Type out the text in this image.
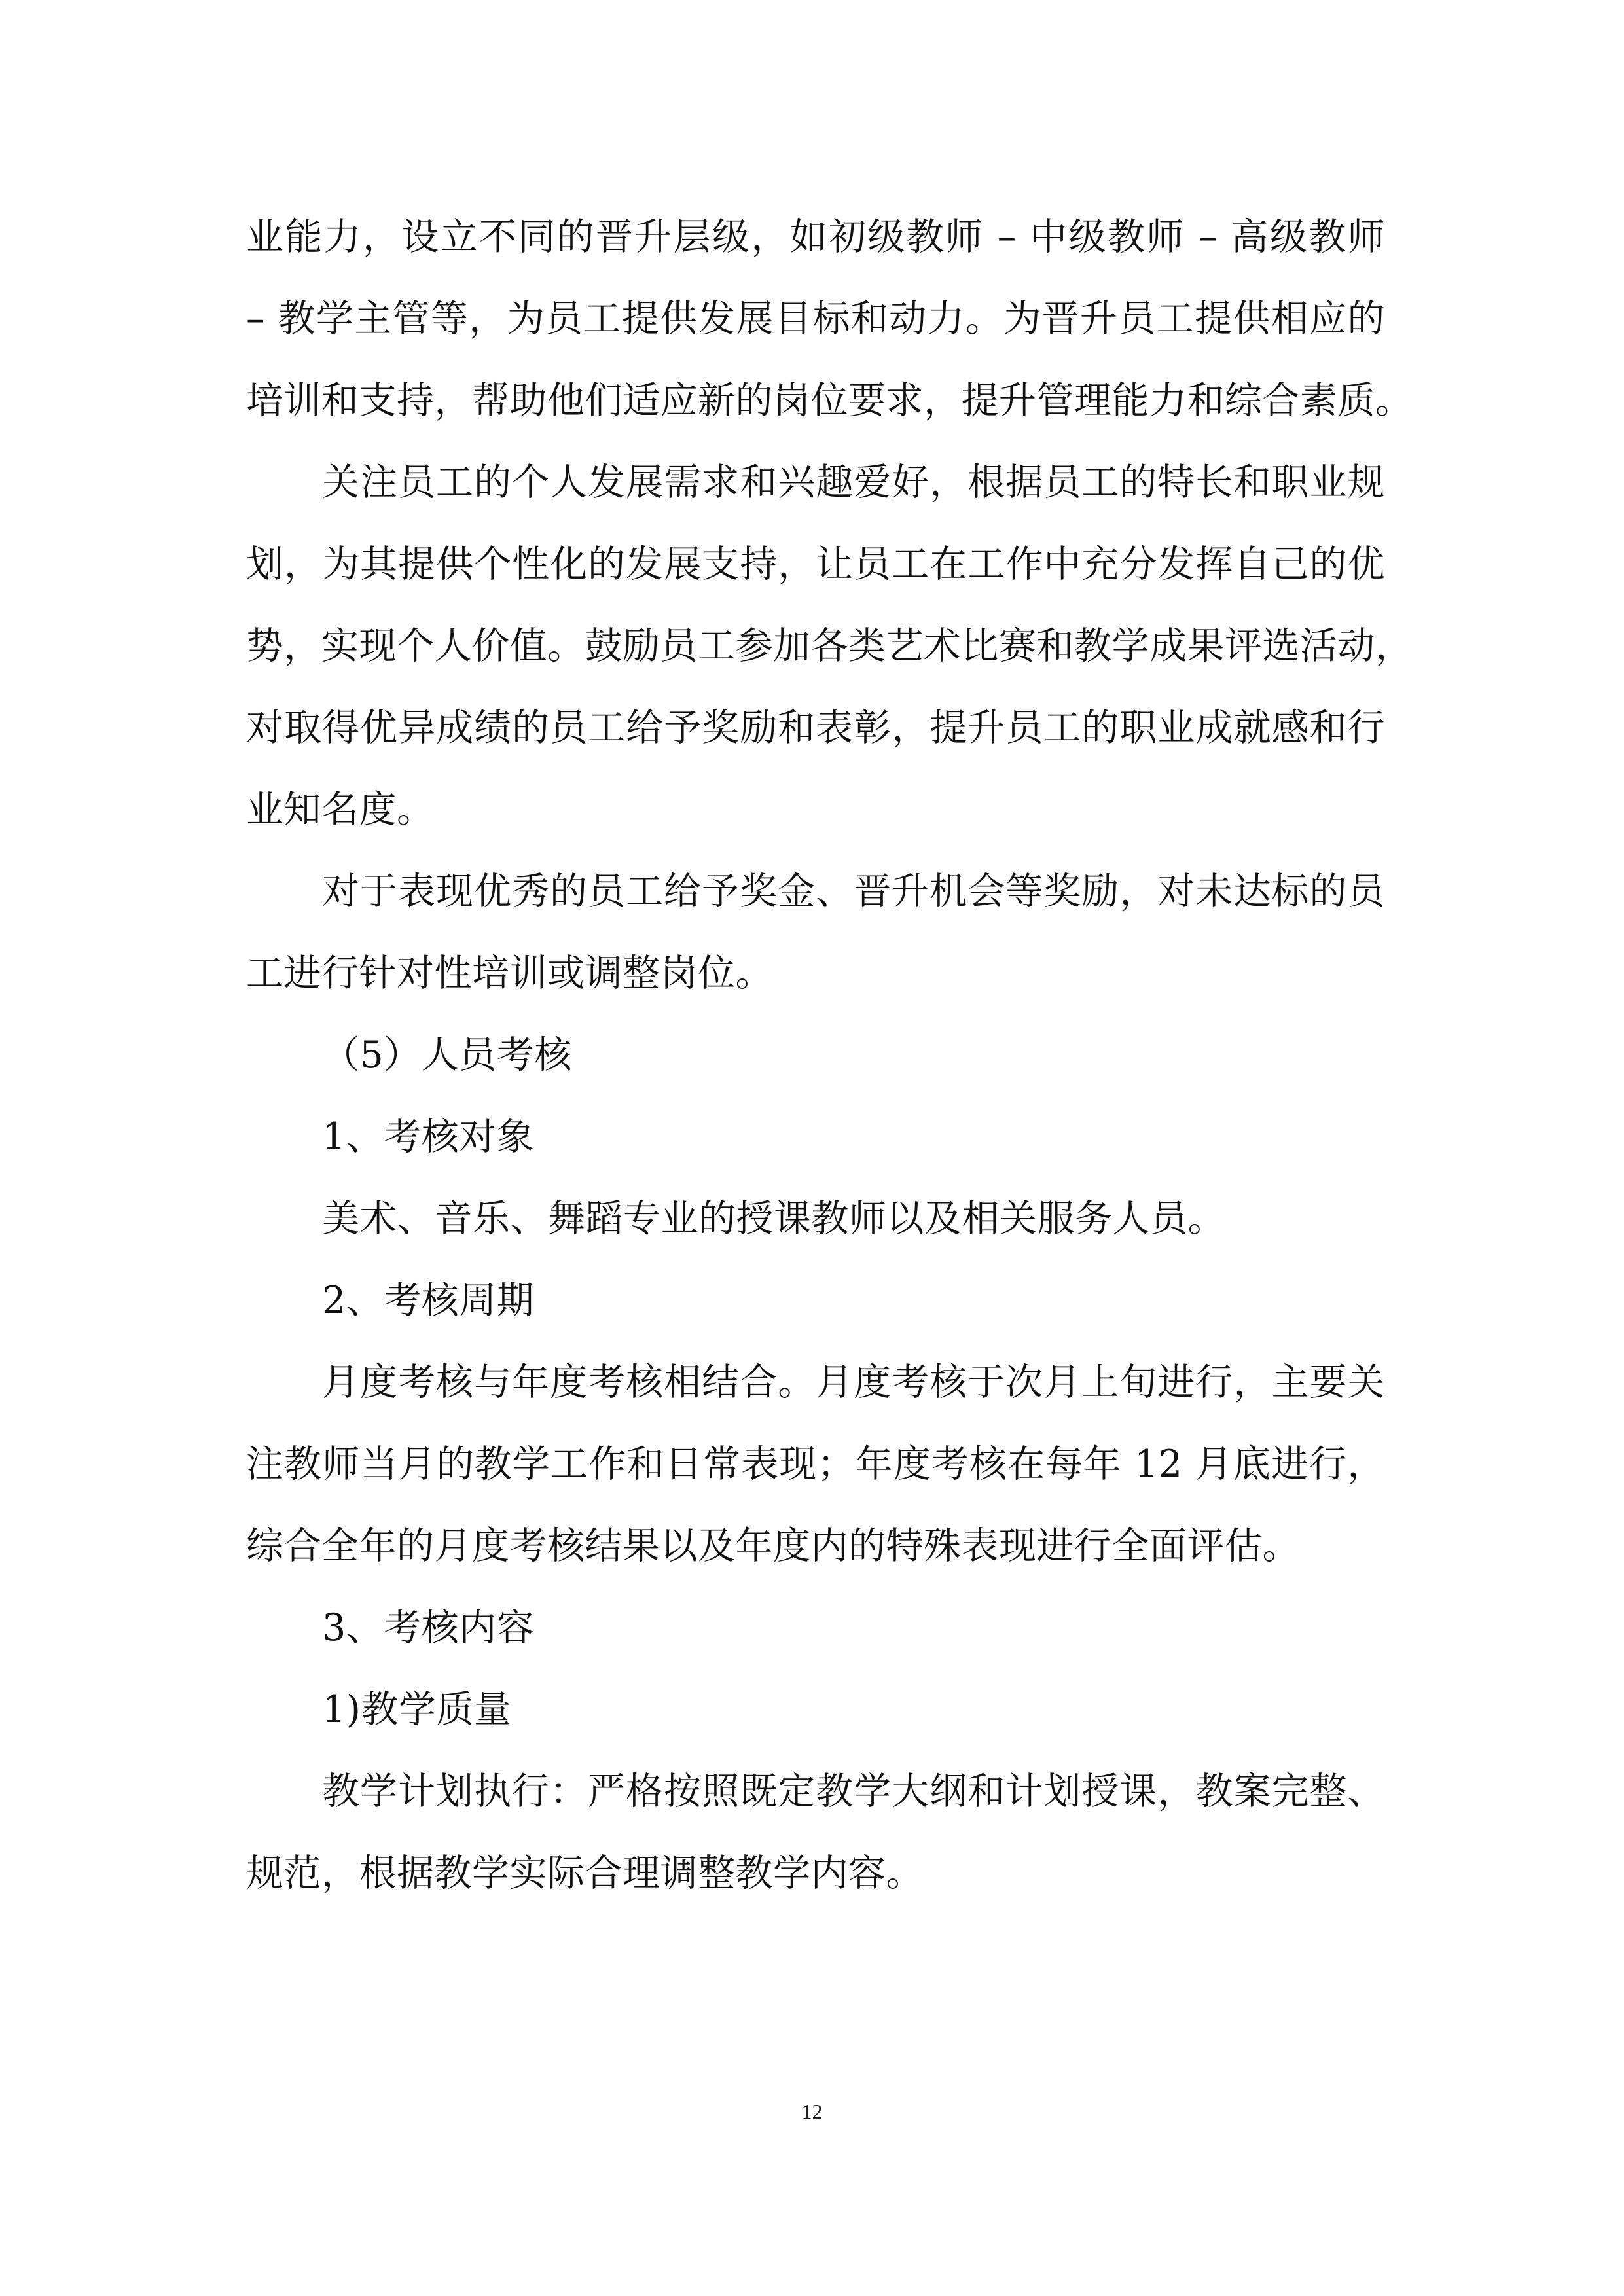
业能力，设立不同的晋升层级，如初级教师 – 中级教师 – 高级教师
– 教学主管等，为员工提供发展目标和动力。为晋升员工提供相应的
培训和支持，帮助他们适应新的岗位要求，提升管理能力和综合素质。
关注员工的个人发展需求和兴趣爱好，根据员工的特长和职业规
划，为其提供个性化的发展支持，让员工在工作中充分发挥自己的优
势，实现个人价值。鼓励员工参加各类艺术比赛和教学成果评选活动，
对取得优异成绩的员工给予奖励和表彰，提升员工的职业成就感和行
业知名度。
对于表现优秀的员工给予奖金、晋升机会等奖励，对未达标的员
工进行针对性培训或调整岗位。
（5）人员考核
1、考核对象
美术、音乐、舞蹈专业的授课教师以及相关服务人员。
2、考核周期
月度考核与年度考核相结合。月度考核于次月上旬进行，主要关
注教师当月的教学工作和日常表现；年度考核在每年 12 月底进行，
综合全年的月度考核结果以及年度内的特殊表现进行全面评估。
3、考核内容
1)教学质量
教学计划执行：严格按照既定教学大纲和计划授课，教案完整、
规范，根据教学实际合理调整教学内容。
12
